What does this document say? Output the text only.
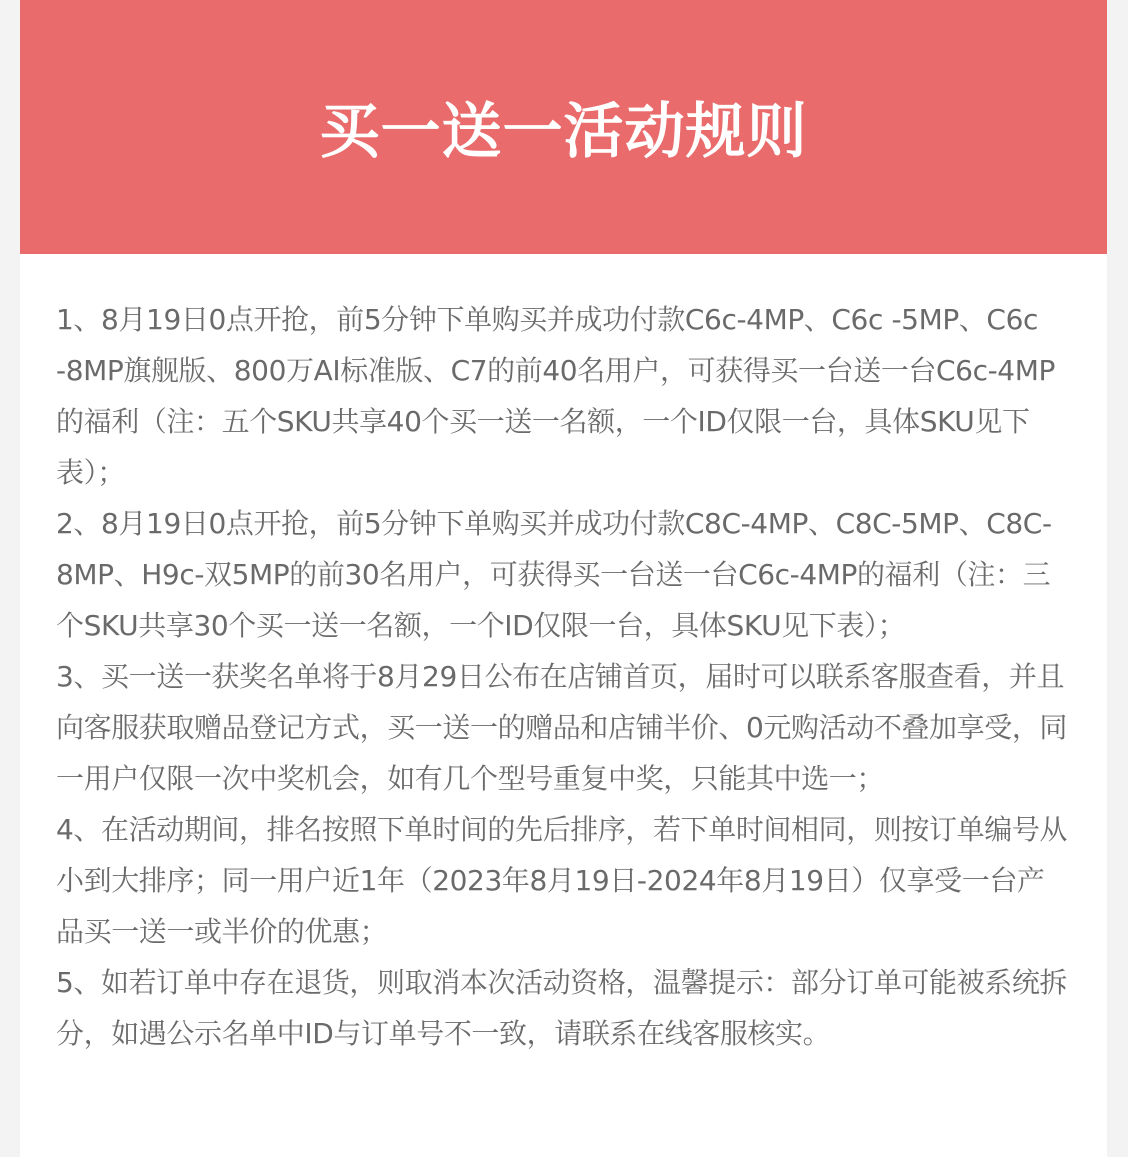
买一送一活动规则
1、8月19日0点开抢，前5分钟下单购买并成功付款C6c-4MP、C6c -5MP、C6c -8MP旗舰版、800万AI标准版、C7的前40名用户，可获得买一台送一台C6c-4MP的福利（注：五个SKU共享40个买一送一名额，一个ID仅限一台，具体SKU见下表）；
2、8月19日0点开抢，前5分钟下单购买并成功付款C8C-4MP、C8C-5MP、C8C-8MP、H9c-双5MP的前30名用户，可获得买一台送一台C6c-4MP的福利（注：三个SKU共享30个买一送一名额，一个ID仅限一台，具体SKU见下表）；
3、买一送一获奖名单将于8月29日公布在店铺首页，届时可以联系客服查看，并且向客服获取赠品登记方式，买一送一的赠品和店铺半价、0元购活动不叠加享受，同一用户仅限一次中奖机会，如有几个型号重复中奖，只能其中选一；
4、在活动期间，排名按照下单时间的先后排序，若下单时间相同，则按订单编号从小到大排序；同一用户近1年（2023年8月19日-2024年8月19日）仅享受一台产品买一送一或半价的优惠；
5、如若订单中存在退货，则取消本次活动资格，温馨提示：部分订单可能被系统拆分，如遇公示名单中ID与订单号不一致，请联系在线客服核实。
